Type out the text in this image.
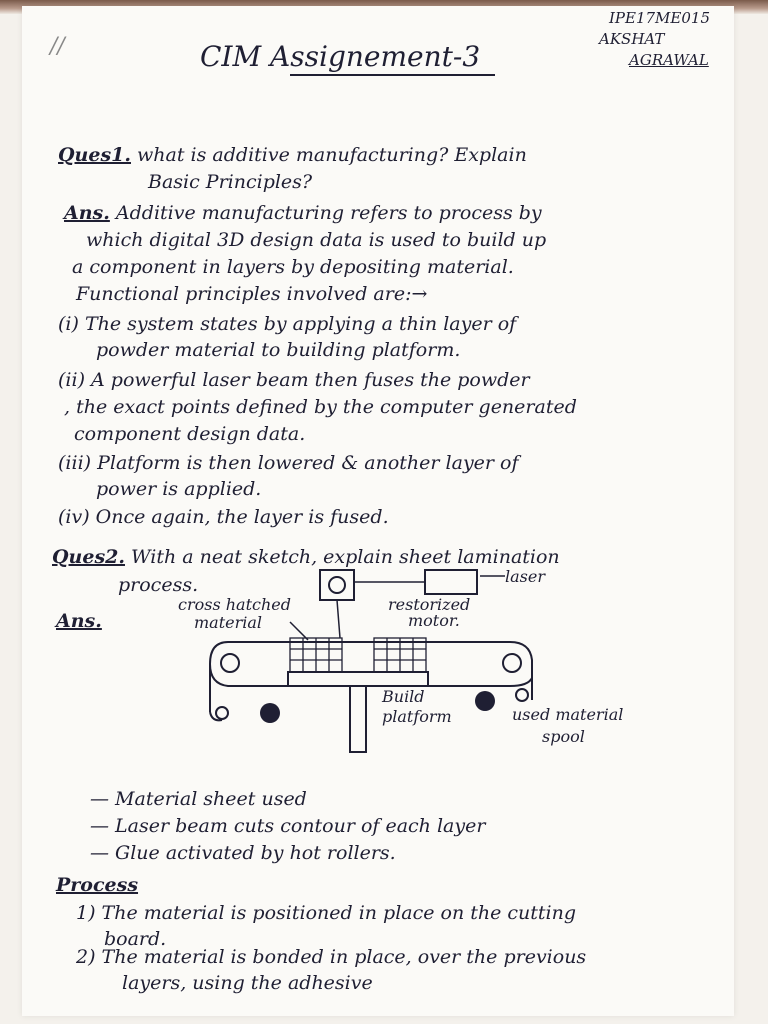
//
IPE17ME015
AKSHAT
AGRAWAL
CIM Assignement-3
Ques1. what is additive manufacturing? Explain
Basic Principles?
Ans. Additive manufacturing refers to process by
which digital 3D design data is used to build up
a component in layers by depositing material.
Functional principles involved are:→
(i) The system states by applying a thin layer of
powder material to building platform.
(ii) A powerful laser beam then fuses the powder
, the exact points defined by the computer generated
component design data.
(iii) Platform is then lowered & another layer of
power is applied.
(iv) Once again, the layer is fused.
Ques2. With a neat sketch, explain sheet lamination
process.
Ans.
laser
cross hatched
material
restorized
motor.
Build
platform	used material
spool
— Material sheet used
— Laser beam cuts contour of each layer
— Glue activated by hot rollers.
Process
1) The material is positioned in place on the cutting
board.
2) The material is bonded in place, over the previous
layers, using the adhesive
